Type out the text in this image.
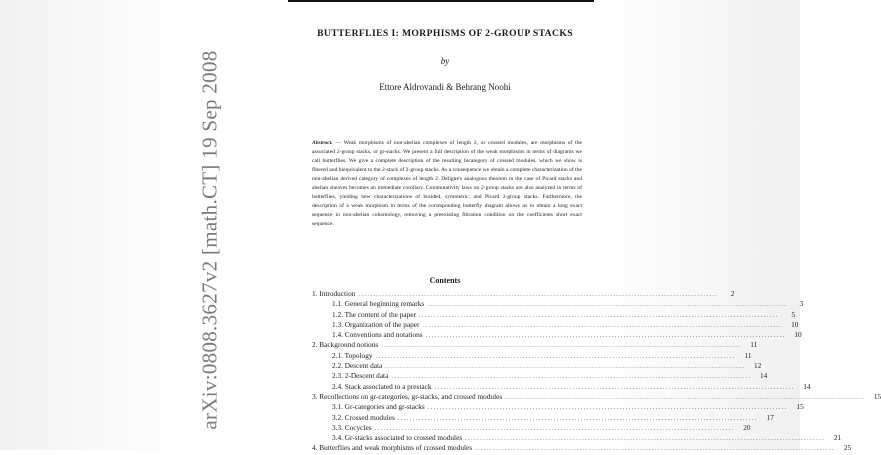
arXiv:0808.3627v2 [math.CT] 19 Sep 2008
BUTTERFLIES I: MORPHISMS OF 2-GROUP STACKS
by
Ettore Aldrovandi & Behrang Noohi
Abstract. — Weak morphisms of non-abelian complexes of length 2, or crossed modules, are morphisms of the associated 2-group stacks, or gr-stacks. We present a full description of the weak morphisms in terms of diagrams we call butterflies. We give a complete description of the resulting bicategory of crossed modules, which we show is fibered and biequivalent to the 2-stack of 2-group stacks. As a consequence we obtain a complete characterization of the non-abelian derived category of complexes of length 2. Deligne's analogous theorem in the case of Picard stacks and abelian sheaves becomes an immediate corollary. Commutativity laws on 2-group stacks are also analyzed in terms of butterflies, yielding new characterizations of braided, symmetric, and Picard 2-group stacks. Furthermore, the description of a weak morphism in terms of the corresponding butterfly diagram allows us to obtain a long exact sequence in non-abelian cohomology, removing a preexisting fibration condition on the coefficients short exact sequence.
Contents
1. Introduction ........................................................................................................................	2
1.1. General beginning remarks ........................................................................................................................	3
1.2. The content of the paper ........................................................................................................................	5
1.3. Organization of the paper ........................................................................................................................	10
1.4. Conventions and notations ........................................................................................................................	10
2. Background notions ........................................................................................................................	11
2.1. Topology ........................................................................................................................	11
2.2. Descent data ........................................................................................................................	12
2.3. 2-Descent data ........................................................................................................................	14
2.4. Stack associated to a prestack ........................................................................................................................	14
3. Recollections on gr-categories, gr-stacks, and crossed modules ........................................................................................................................	15
3.1. Gr-categories and gr-stacks ........................................................................................................................	15
3.2. Crossed modules ........................................................................................................................	17
3.3. Cocycles ........................................................................................................................	20
3.4. Gr-stacks associated to crossed modules ........................................................................................................................	21
4. Butterflies and weak morphisms of crossed modules ........................................................................................................................	25
